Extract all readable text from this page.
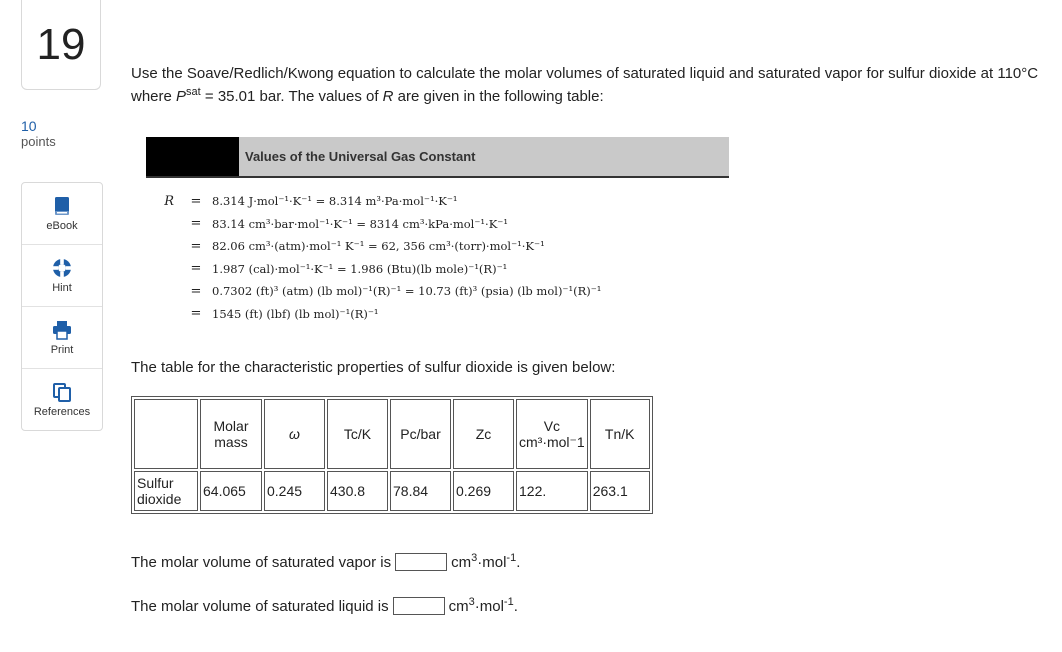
19
10
points
eBook
Hint
Print
References
Use the Soave/Redlich/Kwong equation to calculate the molar volumes of saturated liquid and saturated vapor for sulfur dioxide at 110°C where $P^{sat} = 35.01$ bar. The values of R are given in the following table:
Values of the Universal Gas Constant
R	= 8.314 J·mol⁻¹·K⁻¹ = 8.314 m³·Pa·mol⁻¹·K⁻¹
= 83.14 cm³·bar·mol⁻¹·K⁻¹ = 8314 cm³·kPa·mol⁻¹·K⁻¹
= 82.06 cm³·(atm)·mol⁻¹ K⁻¹ = 62, 356 cm³·(torr)·mol⁻¹·K⁻¹
= 1.987 (cal)·mol⁻¹·K⁻¹ = 1.986 (Btu)(lb mole)⁻¹(R)⁻¹
= 0.7302 (ft)³ (atm) (lb mol)⁻¹(R)⁻¹ = 10.73 (ft)³ (psia) (lb mol)⁻¹(R)⁻¹
= 1545 (ft) (lbf) (lb mol)⁻¹(R)⁻¹
The table for the characteristic properties of sulfur dioxide is given below:
	Molar mass	ω	Tc/K	Pc/bar	Zc	Vc cm³·mol⁻1	Tn/K
Sulfur dioxide	64.065	0.245	430.8	78.84	0.269	122.	263.1
The molar volume of saturated vapor is	$cm^3\cdot mol^{-1}$.
The molar volume of saturated liquid is	$cm^3\cdot mol^{-1}$.
